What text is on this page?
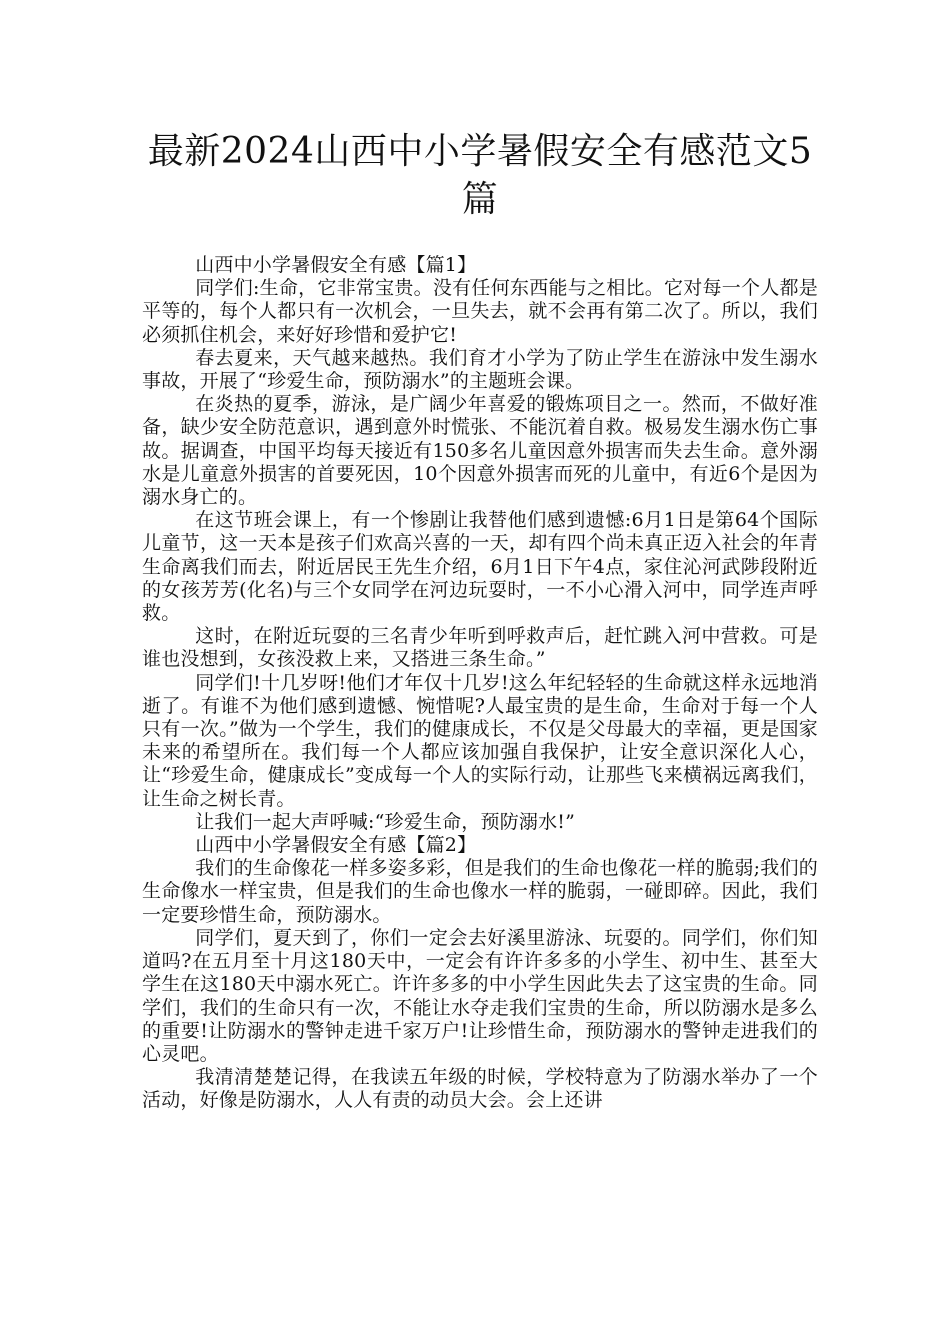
最新2024山西中小学暑假安全有感范文5篇

山西中小学暑假安全有感【篇1】

同学们:生命，它非常宝贵。没有任何东西能与之相比。它对每一个人都是平等的，每个人都只有一次机会，一旦失去，就不会再有第二次了。所以，我们必须抓住机会，来好好珍惜和爱护它!

春去夏来，天气越来越热。我们育才小学为了防止学生在游泳中发生溺水事故，开展了“珍爱生命，预防溺水”的主题班会课。

在炎热的夏季，游泳，是广阔少年喜爱的锻炼项目之一。然而，不做好准备，缺少安全防范意识，遇到意外时慌张、不能沉着自救。极易发生溺水伤亡事故。据调查，中国平均每天接近有150多名儿童因意外损害而失去生命。意外溺水是儿童意外损害的首要死因，10个因意外损害而死的儿童中，有近6个是因为溺水身亡的。

在这节班会课上，有一个惨剧让我替他们感到遗憾:6月1日是第64个国际儿童节，这一天本是孩子们欢高兴喜的一天，却有四个尚未真正迈入社会的年青生命离我们而去，附近居民王先生介绍，6月1日下午4点，家住沁河武陟段附近的女孩芳芳(化名)与三个女同学在河边玩耍时，一不小心滑入河中，同学连声呼救。

这时，在附近玩耍的三名青少年听到呼救声后，赶忙跳入河中营救。可是谁也没想到，女孩没救上来，又搭进三条生命。”

同学们!十几岁呀!他们才年仅十几岁!这么年纪轻轻的生命就这样永远地消逝了。有谁不为他们感到遗憾、惋惜呢?人最宝贵的是生命，生命对于每一个人只有一次。”做为一个学生，我们的健康成长，不仅是父母最大的幸福，更是国家未来的希望所在。我们每一个人都应该加强自我保护，让安全意识深化人心，让“珍爱生命，健康成长”变成每一个人的实际行动，让那些飞来横祸远离我们，让生命之树长青。

让我们一起大声呼喊:“珍爱生命，预防溺水!”

山西中小学暑假安全有感【篇2】

我们的生命像花一样多姿多彩，但是我们的生命也像花一样的脆弱;我们的生命像水一样宝贵，但是我们的生命也像水一样的脆弱，一碰即碎。因此，我们一定要珍惜生命，预防溺水。

同学们，夏天到了，你们一定会去好溪里游泳、玩耍的。同学们，你们知道吗?在五月至十月这180天中，一定会有许许多多的小学生、初中生、甚至大学生在这180天中溺水死亡。许许多多的中小学生因此失去了这宝贵的生命。同学们，我们的生命只有一次，不能让水夺走我们宝贵的生命，所以防溺水是多么的重要!让防溺水的警钟走进千家万户!让珍惜生命，预防溺水的警钟走进我们的心灵吧。

我清清楚楚记得，在我读五年级的时候，学校特意为了防溺水举办了一个活动，好像是防溺水，人人有责的动员大会。会上还讲
